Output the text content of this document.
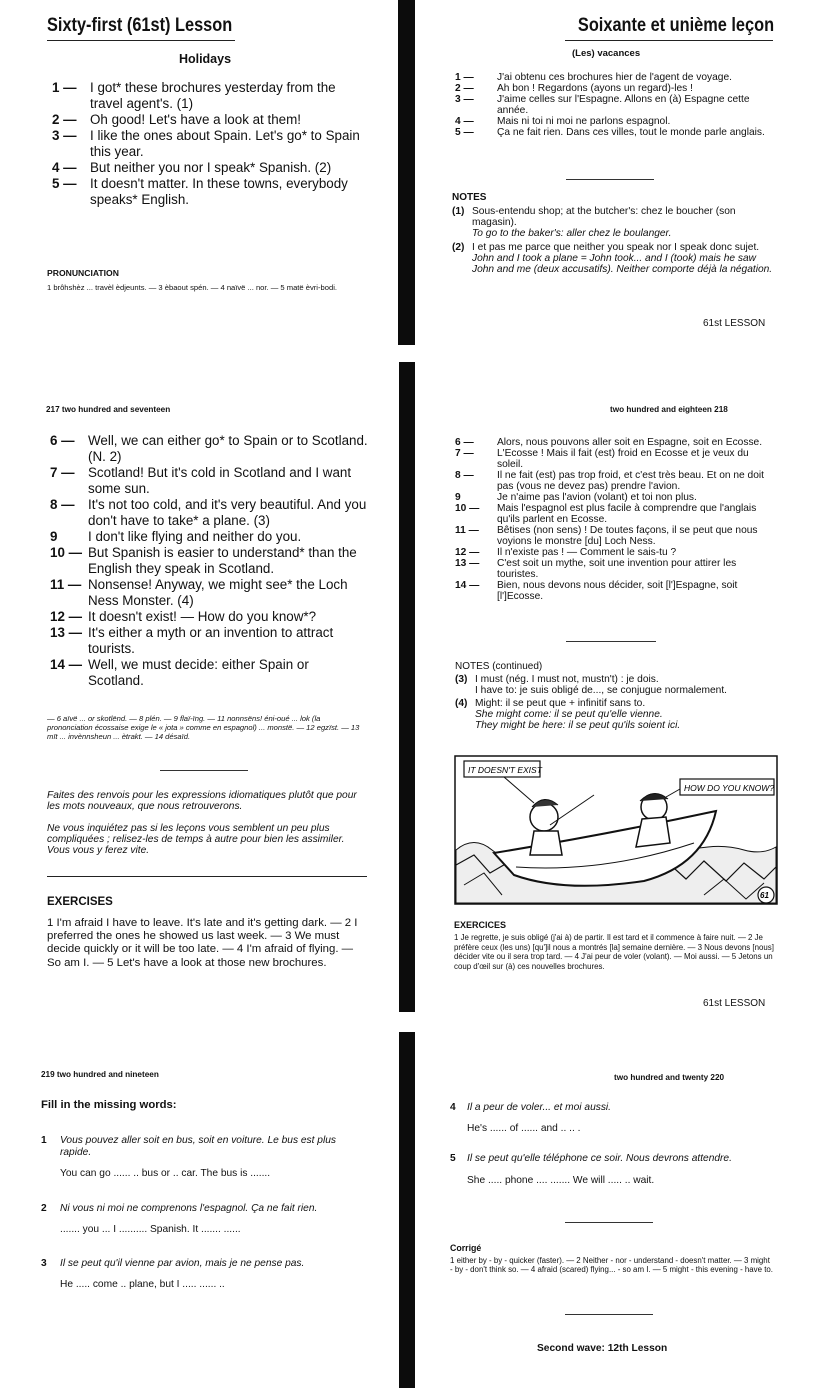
Sixty-first (61st) Lesson
Holidays
1 —	I got* these brochures yesterday from the travel agent's. (1)
2 —	Oh good! Let's have a look at them!
3 —	I like the ones about Spain. Let's go* to Spain this year.
4 —	But neither you nor I speak* Spanish. (2)
5 —	It doesn't matter. In these towns, everybody speaks* English.
PRONUNCIATION
1 brôhshèz ... travèl èdjeunts. — 3 èbaout spén. — 4 naïvë ... nor. — 5 matë èvri-bodi.
Soixante et unième leçon
(Les) vacances
1 —	J'ai obtenu ces brochures hier de l'agent de voyage.
2 —	Ah bon ! Regardons (ayons un regard)-les !
3 —	J'aime celles sur l'Espagne. Allons en (à) Espagne cette année.
4 —	Mais ni toi ni moi ne parlons espagnol.
5 —	Ça ne fait rien. Dans ces villes, tout le monde parle anglais.
NOTES
(1) Sous-entendu shop; at the butcher's: chez le boucher (son magasin).
To go to the baker's: aller chez le boulanger.
(2) I et pas me parce que neither you speak nor I speak donc sujet.
John and I took a plane = John took... and I (took) mais he saw John and me (deux accusatifs). Neither comporte déjà la négation.
61st LESSON
217 two hundred and seventeen
6 —	Well, we can either go* to Spain or to Scotland. (N. 2)
7 —	Scotland! But it's cold in Scotland and I want some sun.
8 —	It's not too cold, and it's very beautiful. And you don't have to take* a plane. (3)
9	I don't like flying and neither do you.
10 — But Spanish is easier to understand* than the English they speak in Scotland.
11 — Nonsense! Anyway, we might see* the Loch Ness Monster. (4)
12 — It doesn't exist! — How do you know*?
13 — It's either a myth or an invention to attract tourists.
14 — Well, we must decide: either Spain or Scotland.
— 6 aïvë ... or skotlënd. — 8 plén. — 9 flaï-ïng. — 11 nonnsëns! éni-oué ... lok (la prononciation écossaise exige le « jota » comme en espagnol) ... monstë. — 12 egzïst. — 13 mït ... invènnsheun ... ètrakt. — 14 désaïd.
Faites des renvois pour les expressions idiomatiques plutôt que pour les mots nouveaux, que nous retrouverons.
Ne vous inquiétez pas si les leçons vous semblent un peu plus compliquées ; relisez-les de temps à autre pour bien les assimiler. Vous vous y ferez vite.
EXERCISES
1 I'm afraid I have to leave. It's late and it's getting dark. — 2 I preferred the ones he showed us last week. — 3 We must decide quickly or it will be too late. — 4 I'm afraid of flying. — So am I. — 5 Let's have a look at those new brochures.
two hundred and eighteen 218
6 —	Alors, nous pouvons aller soit en Espagne, soit en Ecosse.
7 —	L'Ecosse ! Mais il fait (est) froid en Ecosse et je veux du soleil.
8 —	Il ne fait (est) pas trop froid, et c'est très beau. Et on ne doit pas (vous ne devez pas) prendre l'avion.
9	Je n'aime pas l'avion (volant) et toi non plus.
10 —	Mais l'espagnol est plus facile à comprendre que l'anglais qu'ils parlent en Ecosse.
11 —	Bêtises (non sens) ! De toutes façons, il se peut que nous voyions le monstre [du] Loch Ness.
12 —	Il n'existe pas ! — Comment le sais-tu ?
13 —	C'est soit un mythe, soit une invention pour attirer les touristes.
14 —	Bien, nous devons nous décider, soit [l']Espagne, soit [l']Ecosse.
NOTES (continued)
(3) I must (nég. I must not, mustn't) : je dois.
I have to: je suis obligé de..., se conjugue normalement.
(4) Might: il se peut que + infinitif sans to.
She might come: il se peut qu'elle vienne.
They might be here: il se peut qu'ils soient ici.
IT DOESN'T EXIST
HOW DO YOU KNOW?
61
EXERCICES
1 Je regrette, je suis obligé (j'ai à) de partir. Il est tard et il commence à faire nuit. — 2 Je préfère ceux (les uns) [qu']il nous a montrés [la] semaine dernière. — 3 Nous devons [nous] décider vite ou il sera trop tard. — 4 J'ai peur de voler (volant). — Moi aussi. — 5 Jetons un coup d'œil sur (à) ces nouvelles brochures.
61st LESSON
219 two hundred and nineteen
Fill in the missing words:
1	Vous pouvez aller soit en bus, soit en voiture. Le bus est plus rapide.
You can go ...... .. bus or .. car. The bus is .......
2	Ni vous ni moi ne comprenons l'espagnol. Ça ne fait rien.
....... you ... I .......... Spanish. It ....... ......
3	Il se peut qu'il vienne par avion, mais je ne pense pas.
He ..... come .. plane, but I ..... ...... ..
two hundred and twenty 220
4	Il a peur de voler... et moi aussi.
He's ...... of ...... and .. .. .
5	Il se peut qu'elle téléphone ce soir. Nous devrons attendre.
She ..... phone .... ....... We will ..... .. wait.
Corrigé
1 either by - by - quicker (faster). — 2 Neither - nor - understand - doesn't matter. — 3 might - by - don't think so. — 4 afraid (scared) flying... - so am I. — 5 might - this evening - have to.
Second wave: 12th Lesson
